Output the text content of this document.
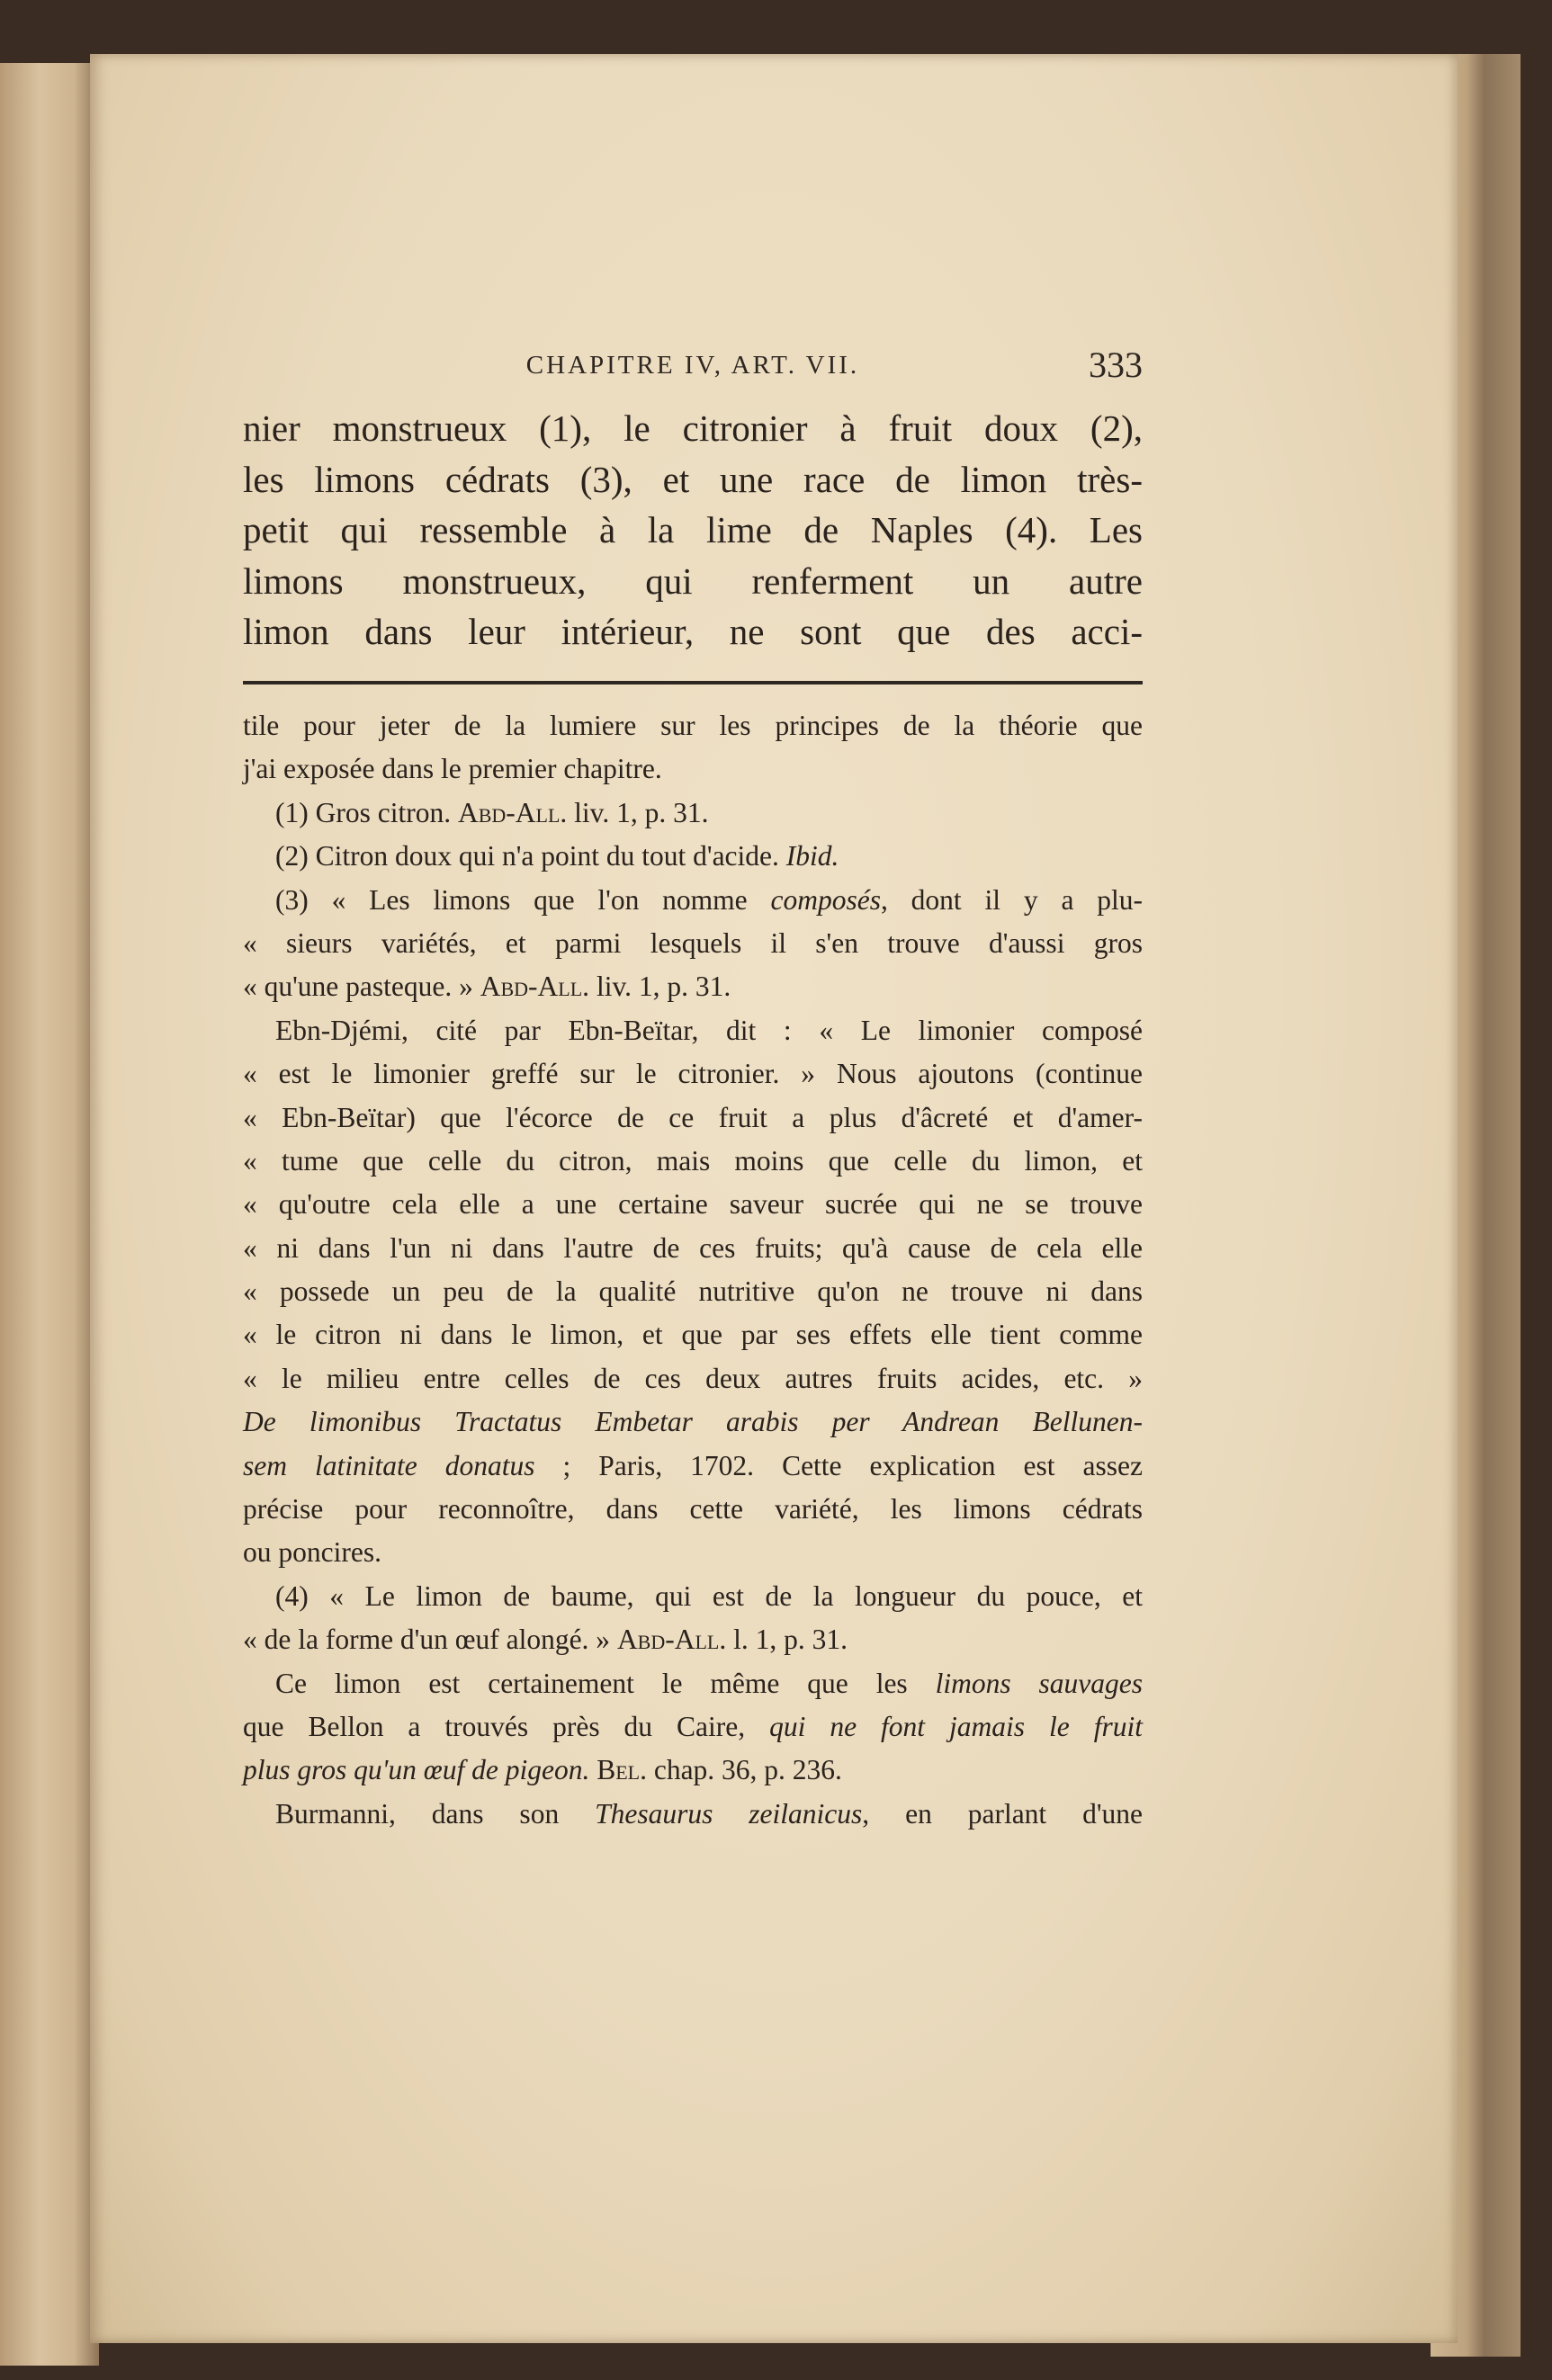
CHAPITRE IV, ART. VII.	333
nier monstrueux (1), le citronier à fruit doux (2),
les limons cédrats (3), et une race de limon très-
petit qui ressemble à la lime de Naples (4). Les
limons monstrueux, qui renferment un autre
limon dans leur intérieur, ne sont que des acci-
tile pour jeter de la lumiere sur les principes de la théorie que
j'ai exposée dans le premier chapitre.
(1) Gros citron. Abd-All. liv. 1, p. 31.
(2) Citron doux qui n'a point du tout d'acide. Ibid.
(3) « Les limons que l'on nomme composés, dont il y a plu-
« sieurs variétés, et parmi lesquels il s'en trouve d'aussi gros
« qu'une pasteque. » Abd-All. liv. 1, p. 31.
Ebn-Djémi, cité par Ebn-Beïtar, dit : « Le limonier composé
« est le limonier greffé sur le citronier. » Nous ajoutons (continue
« Ebn-Beïtar) que l'écorce de ce fruit a plus d'âcreté et d'amer-
« tume que celle du citron, mais moins que celle du limon, et
« qu'outre cela elle a une certaine saveur sucrée qui ne se trouve
« ni dans l'un ni dans l'autre de ces fruits; qu'à cause de cela elle
« possede un peu de la qualité nutritive qu'on ne trouve ni dans
« le citron ni dans le limon, et que par ses effets elle tient comme
« le milieu entre celles de ces deux autres fruits acides, etc. »
De limonibus Tractatus Embetar arabis per Andrean Bellunen-
sem latinitate donatus ; Paris, 1702. Cette explication est assez
précise pour reconnoître, dans cette variété, les limons cédrats
ou poncires.
(4) « Le limon de baume, qui est de la longueur du pouce, et
« de la forme d'un œuf alongé. » Abd-All. l. 1, p. 31.
Ce limon est certainement le même que les limons sauvages
que Bellon a trouvés près du Caire, qui ne font jamais le fruit
plus gros qu'un œuf de pigeon. Bel. chap. 36, p. 236.
Burmanni, dans son Thesaurus zeilanicus, en parlant d'une
